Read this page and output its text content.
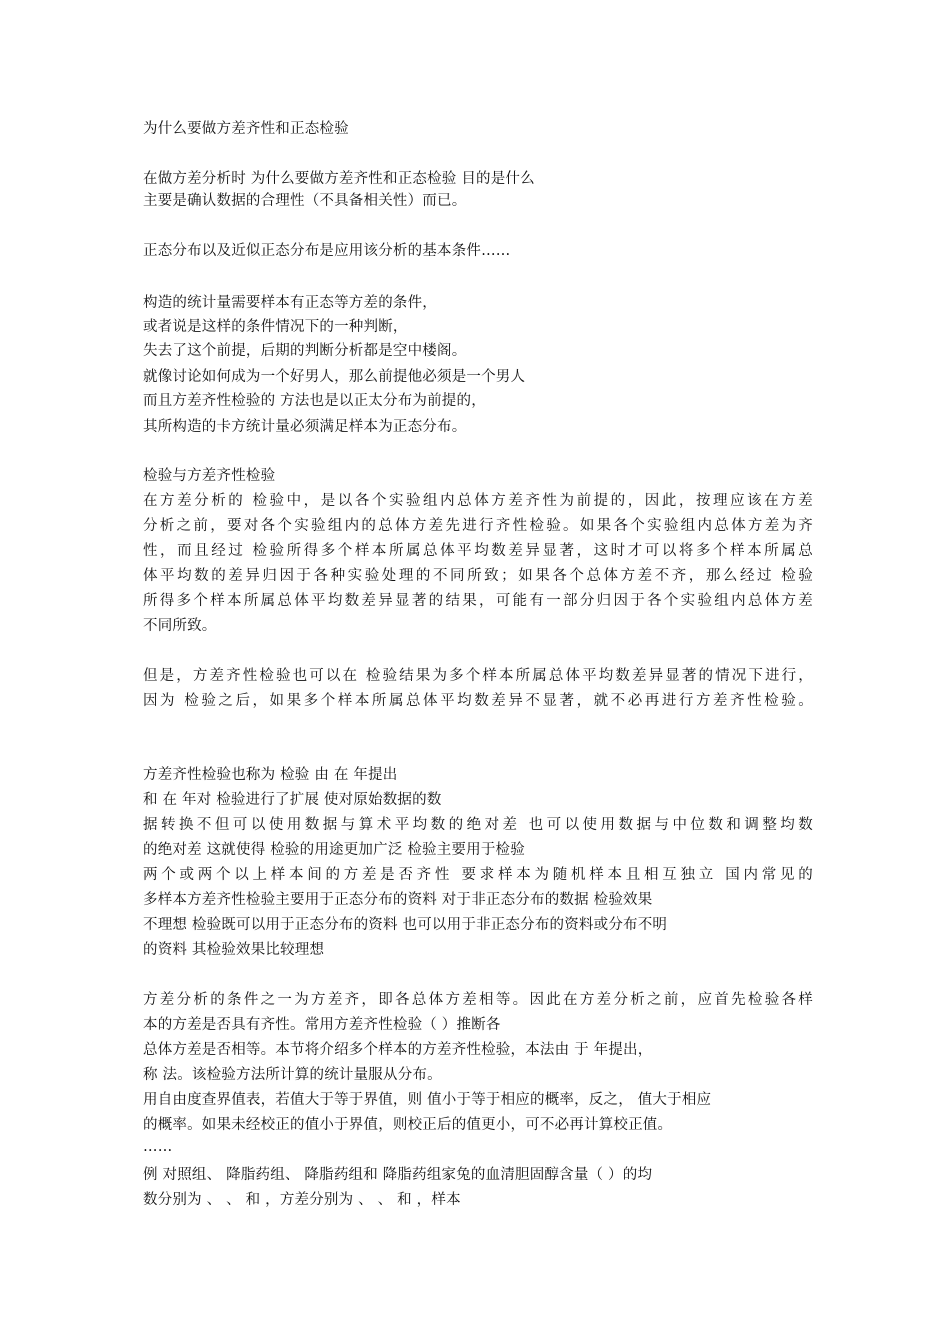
为什么要做方差齐性和正态检验
在做方差分析时 为什么要做方差齐性和正态检验 目的是什么
主要是确认数据的合理性（不具备相关性）而已。
正态分布以及近似正态分布是应用该分析的基本条件……
构造的统计量需要样本有正态等方差的条件，
或者说是这样的条件情况下的一种判断，
失去了这个前提，后期的判断分析都是空中楼阁。
就像讨论如何成为一个好男人，那么前提他必须是一个男人
而且方差齐性检验的 方法也是以正太分布为前提的，
其所构造的卡方统计量必须满足样本为正态分布。
检验与方差齐性检验
在方差分析的 检验中，是以各个实验组内总体方差齐性为前提的，因此，按理应该在方差
分析之前，要对各个实验组内的总体方差先进行齐性检验。如果各个实验组内总体方差为齐
性，而且经过 检验所得多个样本所属总体平均数差异显著，这时才可以将多个样本所属总
体平均数的差异归因于各种实验处理的不同所致；如果各个总体方差不齐，那么经过 检验
所得多个样本所属总体平均数差异显著的结果，可能有一部分归因于各个实验组内总体方差
不同所致。
但是，方差齐性检验也可以在 检验结果为多个样本所属总体平均数差异显著的情况下进行，
因为 检验之后，如果多个样本所属总体平均数差异不显著，就不必再进行方差齐性检验。
方差齐性检验也称为 检验 由 在 年提出
和 在 年对 检验进行了扩展 使对原始数据的数
据转换不但可以使用数据与算术平均数的绝对差 也可以使用数据与中位数和调整均数
的绝对差 这就使得 检验的用途更加广泛 检验主要用于检验
两个或两个以上样本间的方差是否齐性 要求样本为随机样本且相互独立 国内常见的
多样本方差齐性检验主要用于正态分布的资料 对于非正态分布的数据 检验效果
不理想 检验既可以用于正态分布的资料 也可以用于非正态分布的资料或分布不明
的资料 其检验效果比较理想
方差分析的条件之一为方差齐，即各总体方差相等。因此在方差分析之前，应首先检验各样
本的方差是否具有齐性。常用方差齐性检验（ ）推断各
总体方差是否相等。本节将介绍多个样本的方差齐性检验，本法由 于 年提出，
称 法。该检验方法所计算的统计量服从分布。
用自由度查界值表，若值大于等于界值，则 值小于等于相应的概率，反之， 值大于相应
的概率。如果未经校正的值小于界值，则校正后的值更小，可不必再计算校正值。
……
例 对照组、 降脂药组、 降脂药组和 降脂药组家兔的血清胆固醇含量（ ）的均
数分别为 、 、 和 ，方差分别为 、 、 和 ，样本
